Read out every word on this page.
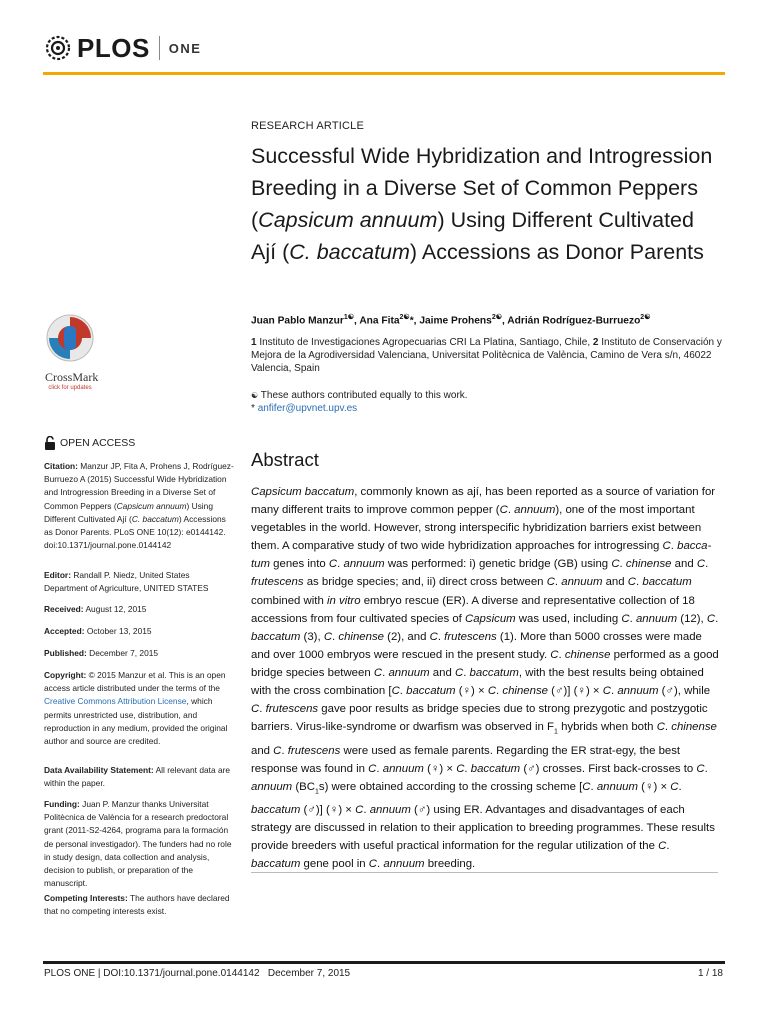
PLOS ONE
CrossMark
click for updates
OPEN ACCESS

Citation: Manzur JP, Fita A, Prohens J, Rodríguez-Burruezo A (2015) Successful Wide Hybridization and Introgression Breeding in a Diverse Set of Common Peppers (Capsicum annuum) Using Different Cultivated Ají (C. baccatum) Accessions as Donor Parents. PLoS ONE 10(12): e0144142. doi:10.1371/journal.pone.0144142

Editor: Randall P. Niedz, United States Department of Agriculture, UNITED STATES

Received: August 12, 2015

Accepted: October 13, 2015

Published: December 7, 2015

Copyright: © 2015 Manzur et al. This is an open access article distributed under the terms of the Creative Commons Attribution License, which permits unrestricted use, distribution, and reproduction in any medium, provided the original author and source are credited.

Data Availability Statement: All relevant data are within the paper.

Funding: Juan P. Manzur thanks Universitat Politècnica de València for a research predoctoral grant (2011-S2-4264, programa para la formación de personal investigador). The funders had no role in study design, data collection and analysis, decision to publish, or preparation of the manuscript.

Competing Interests: The authors have declared that no competing interests exist.

RESEARCH ARTICLE
Successful Wide Hybridization and Introgression Breeding in a Diverse Set of Common Peppers (Capsicum annuum) Using Different Cultivated Ají (C. baccatum) Accessions as Donor Parents
Juan Pablo Manzur$^{1☯}$, Ana Fita$^{2☯}$*, Jaime Prohens$^{2☯}$, Adrián Rodríguez-Burruezo$^{2☯}$
1 Instituto de Investigaciones Agropecuarias CRI La Platina, Santiago, Chile, 2 Instituto de Conservación y Mejora de la Agrodiversidad Valenciana, Universitat Politècnica de València, Camino de Vera s/n, 46022 Valencia, Spain
☯ These authors contributed equally to this work.
* anfifer@upvnet.upv.es
Abstract
Capsicum baccatum, commonly known as ají, has been reported as a source of variation for many different traits to improve common pepper (C. annuum), one of the most important vegetables in the world. However, strong interspecific hybridization barriers exist between them. A comparative study of two wide hybridization approaches for introgressing C. bacca-tum genes into C. annuum was performed: i) genetic bridge (GB) using C. chinense and C. frutescens as bridge species; and, ii) direct cross between C. annuum and C. baccatum combined with in vitro embryo rescue (ER). A diverse and representative collection of 18 accessions from four cultivated species of Capsicum was used, including C. annuum (12), C. baccatum (3), C. chinense (2), and C. frutescens (1). More than 5000 crosses were made and over 1000 embryos were rescued in the present study. C. chinense performed as a good bridge species between C. annuum and C. baccatum, with the best results being obtained with the cross combination [C. baccatum (♀) × C. chinense (♂)] (♀) × C. annuum (♂), while C. frutescens gave poor results as bridge species due to strong prezygotic and postzygotic barriers. Virus-like-syndrome or dwarfism was observed in $F_1$ hybrids when both C. chinense and C. frutescens were used as female parents. Regarding the ER strat-egy, the best response was found in C. annuum (♀) × C. baccatum (♂) crosses. First back-crosses to C. annuum $(BC_1s)$ were obtained according to the crossing scheme [C. annuum (♀) × C. baccatum (♂)] (♀) × C. annuum (♂) using ER. Advantages and disadvantages of each strategy are discussed in relation to their application to breeding programmes. These results provide breeders with useful practical information for the regular utilization of the C. baccatum gene pool in C. annuum breeding.
PLOS ONE | DOI:10.1371/journal.pone.0144142   December 7, 2015	1 / 18
